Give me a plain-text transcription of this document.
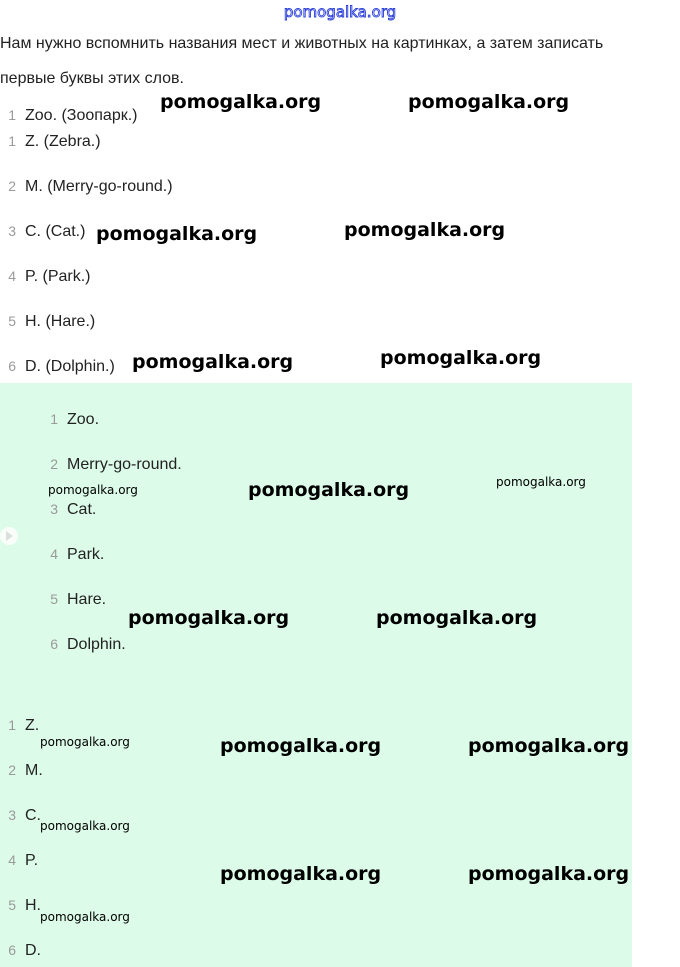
pomogalka.org
Нам нужно вспомнить названия мест и животных на картинках, а затем записать первые буквы этих слов.
1 Zoo. (Зоопарк.)
1 Z. (Zebra.)
2 M. (Merry-go-round.)
3 C. (Cat.)
4 P. (Park.)
5 H. (Hare.)
6 D. (Dolphin.)
1 Zoo.
2 Merry-go-round.
3 Cat.
4 Park.
5 Hare.
6 Dolphin.
1 Z.
2 M.
3 C.
4 P.
5 H.
6 D.
pomogalka.org	pomogalka.org
pomogalka.org	pomogalka.org
pomogalka.org	pomogalka.org
pomogalka.org	pomogalka.org	pomogalka.org
pomogalka.org	pomogalka.org
pomogalka.org	pomogalka.org	pomogalka.org
pomogalka.org
pomogalka.org	pomogalka.org
pomogalka.org
